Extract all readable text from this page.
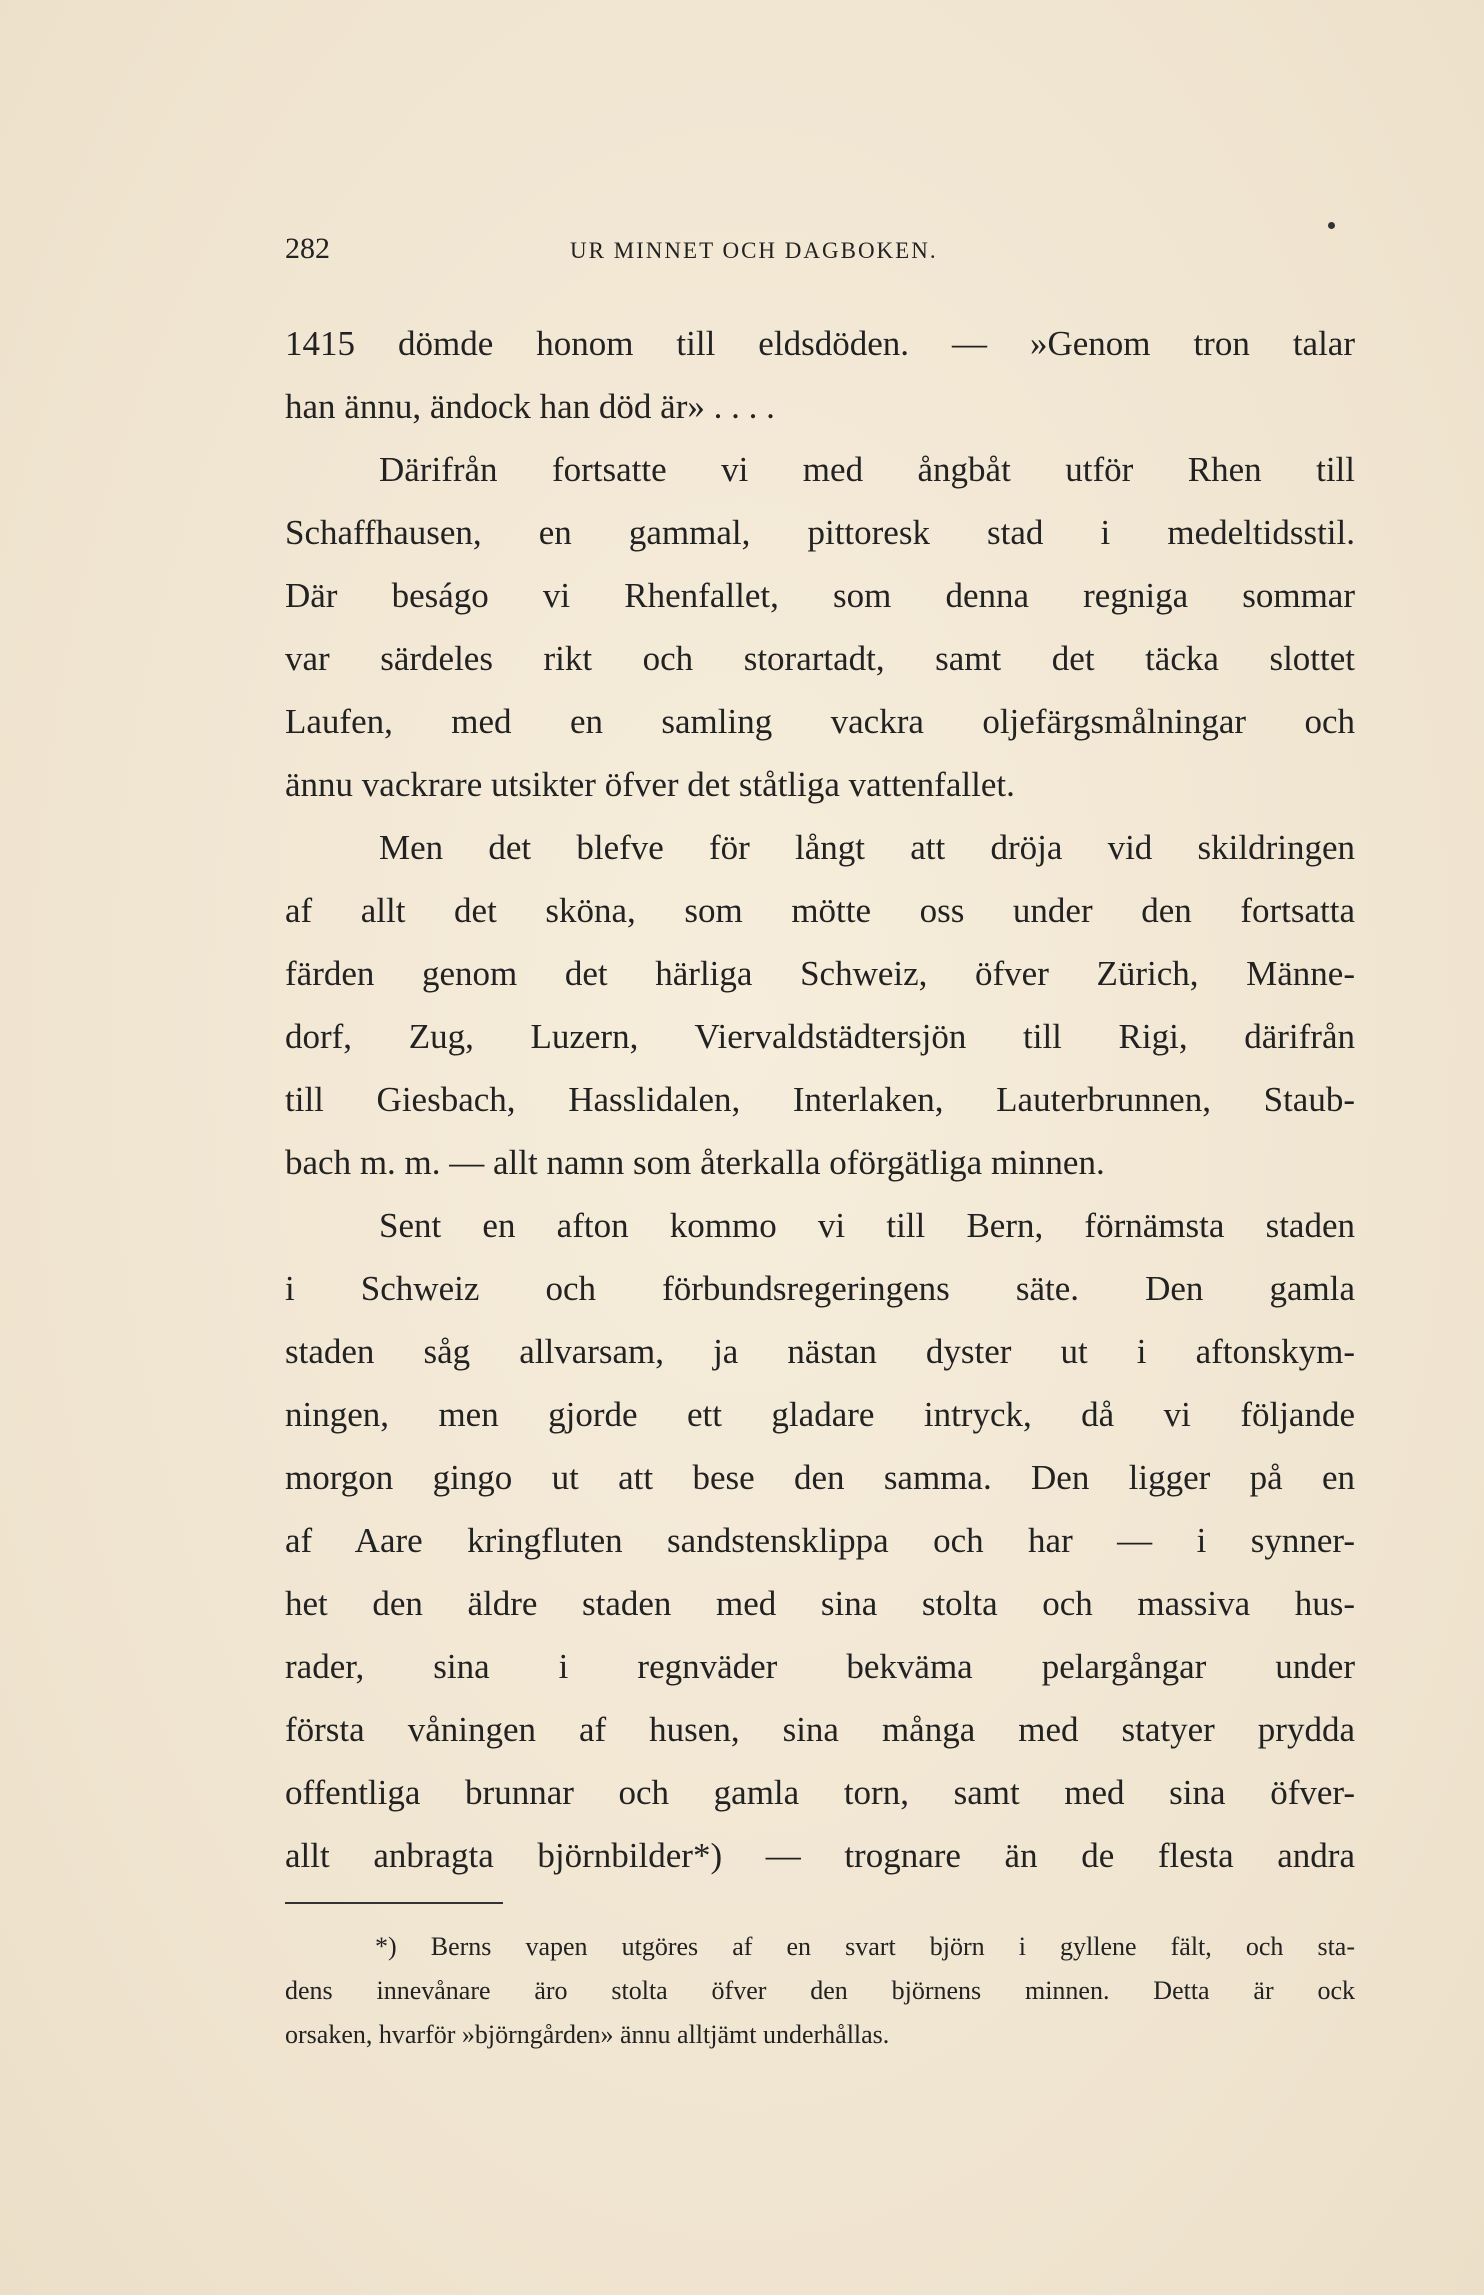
282	UR MINNET OCH DAGBOKEN.
1415 dömde honom till eldsdöden. — »Genom tron talar
han ännu, ändock han död är» . . . .
Därifrån fortsatte vi med ångbåt utför Rhen till
Schaffhausen, en gammal, pittoresk stad i medeltidsstil.
Där beságo vi Rhenfallet, som denna regniga sommar
var särdeles rikt och storartadt, samt det täcka slottet
Laufen, med en samling vackra oljefärgsmålningar och
ännu vackrare utsikter öfver det ståtliga vattenfallet.
Men det blefve för långt att dröja vid skildringen
af allt det sköna, som mötte oss under den fortsatta
färden genom det härliga Schweiz, öfver Zürich, Männe-
dorf, Zug, Luzern, Viervaldstädtersjön till Rigi, därifrån
till Giesbach, Hasslidalen, Interlaken, Lauterbrunnen, Staub-
bach m. m. — allt namn som återkalla oförgätliga minnen.
Sent en afton kommo vi till Bern, förnämsta staden
i Schweiz och förbundsregeringens säte. Den gamla
staden såg allvarsam, ja nästan dyster ut i aftonskym-
ningen, men gjorde ett gladare intryck, då vi följande
morgon gingo ut att bese den samma. Den ligger på en
af Aare kringfluten sandstensklippa och har — i synner-
het den äldre staden med sina stolta och massiva hus-
rader, sina i regnväder bekväma pelargångar under
första våningen af husen, sina många med statyer prydda
offentliga brunnar och gamla torn, samt med sina öfver-
allt anbragta björnbilder*) — trognare än de flesta andra
*) Berns vapen utgöres af en svart björn i gyllene fält, och sta-
dens innevånare äro stolta öfver den björnens minnen. Detta är ock
orsaken, hvarför »björngården» ännu alltjämt underhållas.
